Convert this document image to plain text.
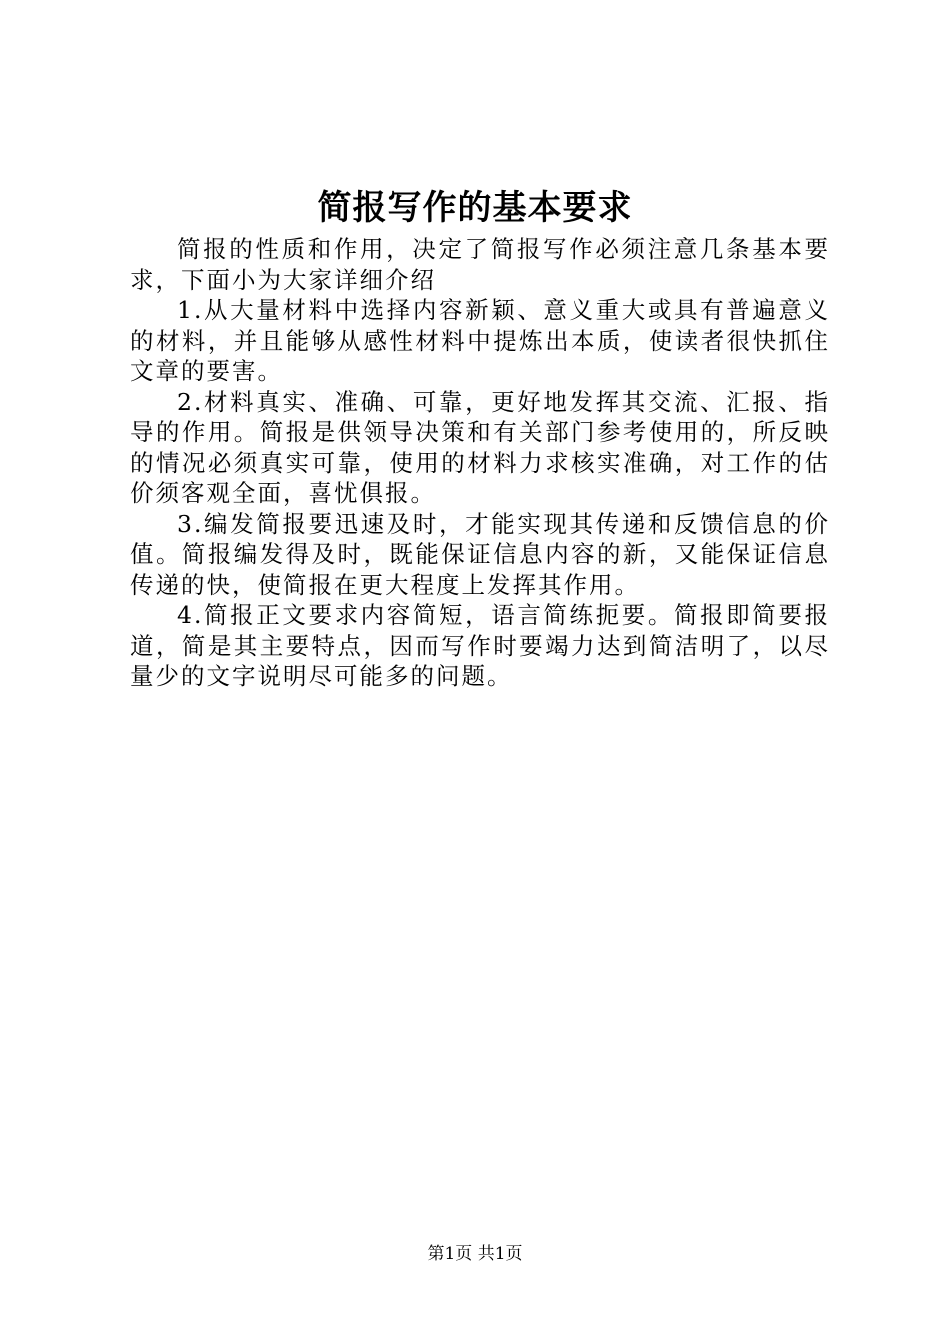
简报写作的基本要求

简报的性质和作用，决定了简报写作必须注意几条基本要求，下面小为大家详细介绍

1.从大量材料中选择内容新颖、意义重大或具有普遍意义的材料，并且能够从感性材料中提炼出本质，使读者很快抓住文章的要害。

2.材料真实、准确、可靠，更好地发挥其交流、汇报、指导的作用。简报是供领导决策和有关部门参考使用的，所反映的情况必须真实可靠，使用的材料力求核实准确，对工作的估价须客观全面，喜忧俱报。

3.编发简报要迅速及时，才能实现其传递和反馈信息的价值。简报编发得及时，既能保证信息内容的新，又能保证信息传递的快，使简报在更大程度上发挥其作用。

4.简报正文要求内容简短，语言简练扼要。简报即简要报道，简是其主要特点，因而写作时要竭力达到简洁明了，以尽量少的文字说明尽可能多的问题。

第1页 共1页
